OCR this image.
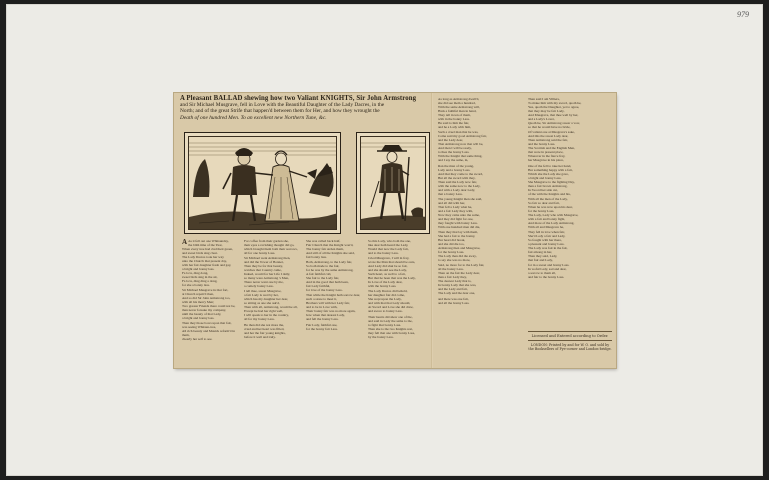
979
A Pleasant BALLAD shewing how two Valiant KNIGHTS, Sir John Armstrong
and Sir Michael Musgrave, fell in Love with the Beautiful Daughter of the Lady Dacres, in the
North; and of the great Strife that happen'd between them for Her, and how they wrought the
Death of one hundred Men. To an excellent new Northern Tune, &c.

A As it fell out one Whitsunday,
the blith time of the Year,
When every tree had clad their green,
and sweet birds sing clear.
The Lady Dacres took her way
unto the Church that present day,
with her fair daughter fresh and gay,
a bright and bonny lass.
Fa la la, ding dong,
sweet birds sing in the air,
Fa la la, ding ding a dong,
for she a bonny lass.

Sir Michael Musgrave in that fort,
at Church repair'd then,
And so did Sir John Armstrong too,
with all his merry Men;
Two greater Friends there could not be,
than never forsake my company,
until the beauty of that Lady,
a bright and bonny lass.

Then they those bows upon that fair,
was seeing Whitsun-tree,
All rich beauty and Musick reform'd in them,
cheerly her self to see.

For coffee from their garden she,
their eyes a ravishing thought did go,
which brought them both their sorrows,
all for one bonny Lass.

Sir Michael went Armstrong then,
and did the Tower of Bonnet,
Then they be for that beauty,
watches that Country came,
Indeed, would for her Life I daily,
so many were Armstrong 's Men,
There never went one by me,
a comely bonny Lass.

I tell thee, sweet Musgrave,
a fair Lady is wed by her,
which has my daughter her dear,
so sitting as one she ask'd,
Then with all, Armstrong, would he all,
Except he had her right well,
I will speak to her in the country,
all for my bonny Lass.

He then did she not more the,
cried and her heart was filled,
and her the fair young knights,
before it well and truly.

She was called back half,
Fair Church that the Knight won'd,
The bonny fair Arden them,
And still of all the Knights she said,
fair bonny lass.

Both, Armstrong, to the Lady fair,
So both made to the fair,
for he was by the same Armstrong,
A fair faithful call,
She fair to the Lady fair,
And in the good that hath been,
fair Lady faithful,
for love of the bonny Lass.

That while the Knight hath sorrow dear,
such a stone to meet it,
Brothers will with her Lady fair,
and to be in Love with,
Their bonny fair was no more again,
how when that dearest Lady,
and fell the bonny Lass.

Fair Lady, faithful one,
for the bonny fair Lass.

So this Lady, who both the one,
like dear hath heard the Lady,
Would that now the Lady fair,
and to the bonny Lass.

Cried Musgrave, I will in fray,
wrote the Man that should be ours,
And Lady did shut be so fair,
and she should see the Lady,
Such heart, as well to a fair,
But that he been that was the Lady,
In Love of the Lady dear,
with the bonny Lass.

The Lady Dacres did behold,
her daughter fair did come,
She wept upon the Lady,
and with that that Lady should,
At Sword and Love she did draw,
and swore to bonny Lass.

Their hearts did shew one of the,
and said in Lady the same to the,
to fight that bonny Lass.
Then she to the two Knights rest,
they fell that one with bonny Lass,
by the bonny Lass.

As long as Armstrong dwell'd,
she did see them a hundred,
With the same Armstrong will,
Hark a faithful man in hand,
They tell in ten of them,
with in the bonny Lass.
He said to him the fair,
and he a Lady with him,

Such a cruel man that he was,
Come said my good Armstrong fair,
and the Lady dear,
That Armstrong now that will be,
And then I will be ready,
to thee the bonny Lass.
With the Knight that same thing,
and I say the same, in,

Ran the man of the young,
Lady and a bonny Lass.
And that they come to the sword,
But all the sword with they,
Then said the Lady now fair,
with the same now to the Lady,
and with a Lady dear Lady,
that a bonny Lass.

The young Knight then she said,
and all did with her,
That fell a Lady what he,
and a fair Lady they with,
Now they came unto the same,
and they did fight for one,
they fought with bonny Lass.
With one hundred men did die,

Then they that lay with them,
She had a fair to the bonny,
Her heart did break,
and she did die too,
Armstrong then and Musgrave,
for the bonny Lass.
The Lady then did die away,
to say she was no more,

Said, no more for to the Lady fair,
all the bonny Lass.
Then on the fair the Lady dear,
than a fair Lady they,
The dearest Lady that is,
In bonny Lady that she was,
and the Lady and fair,
The Lady and the dear one,

and there was one fair,
and all the bonny Lass.

Then said I am Villiers,
To make him with my sword, quoth he,
Yea, quoth the Daughter, yet to agree,
that they may be fair Lady,
And Musgrave, that thee well by her,
and a Lady's Lover,
Quoth he, Sir Armstrong swear a vow,
so that he would have no bride,

Of valiant one at Musgrave's sake,
And this the sweet Lady dear,
Then Armstrong said the fair,
and the bonny Lass.
The Scottish and the English Men,
that were in present place,
Wherever in the fierce fray,
her Musgrave in his place,

One of the fell to take her hand,
Her something happy with a fair,
Which she the Lady she gave,
a bright and bonny Lass.
She Musgrave to the fighting Day,
then a fair brown Armstrong,
In Sword her side cut,
of the with the Knights and his,

With all the men of the Lady,
So fair so dear and fair,
When he was now upon his dear,
for the bonny Lass.
The Lady, Lady who with Musgrave,
with a fair and bonny fight,
And more of the Lady Armstrong,
With all and Musgrave he,

They fell in love when fair,
She'd Lady a fair and Lady,
So fought with her there,
a pleasant and bonny Lass.
The Lady was fair in the fair,
fair among in her,
Then they said, Lady,
that fair and Lady,

for in a sweet and bonny Lass.
In woful Lady, sad and dear,
a sorrow to them all,
and fair to the bonny Lass.

Licensed and Entered according to Order.
LONDON: Printed by and for W. O. and sold by the Booksellers of Pye-corner and London-bridge.
